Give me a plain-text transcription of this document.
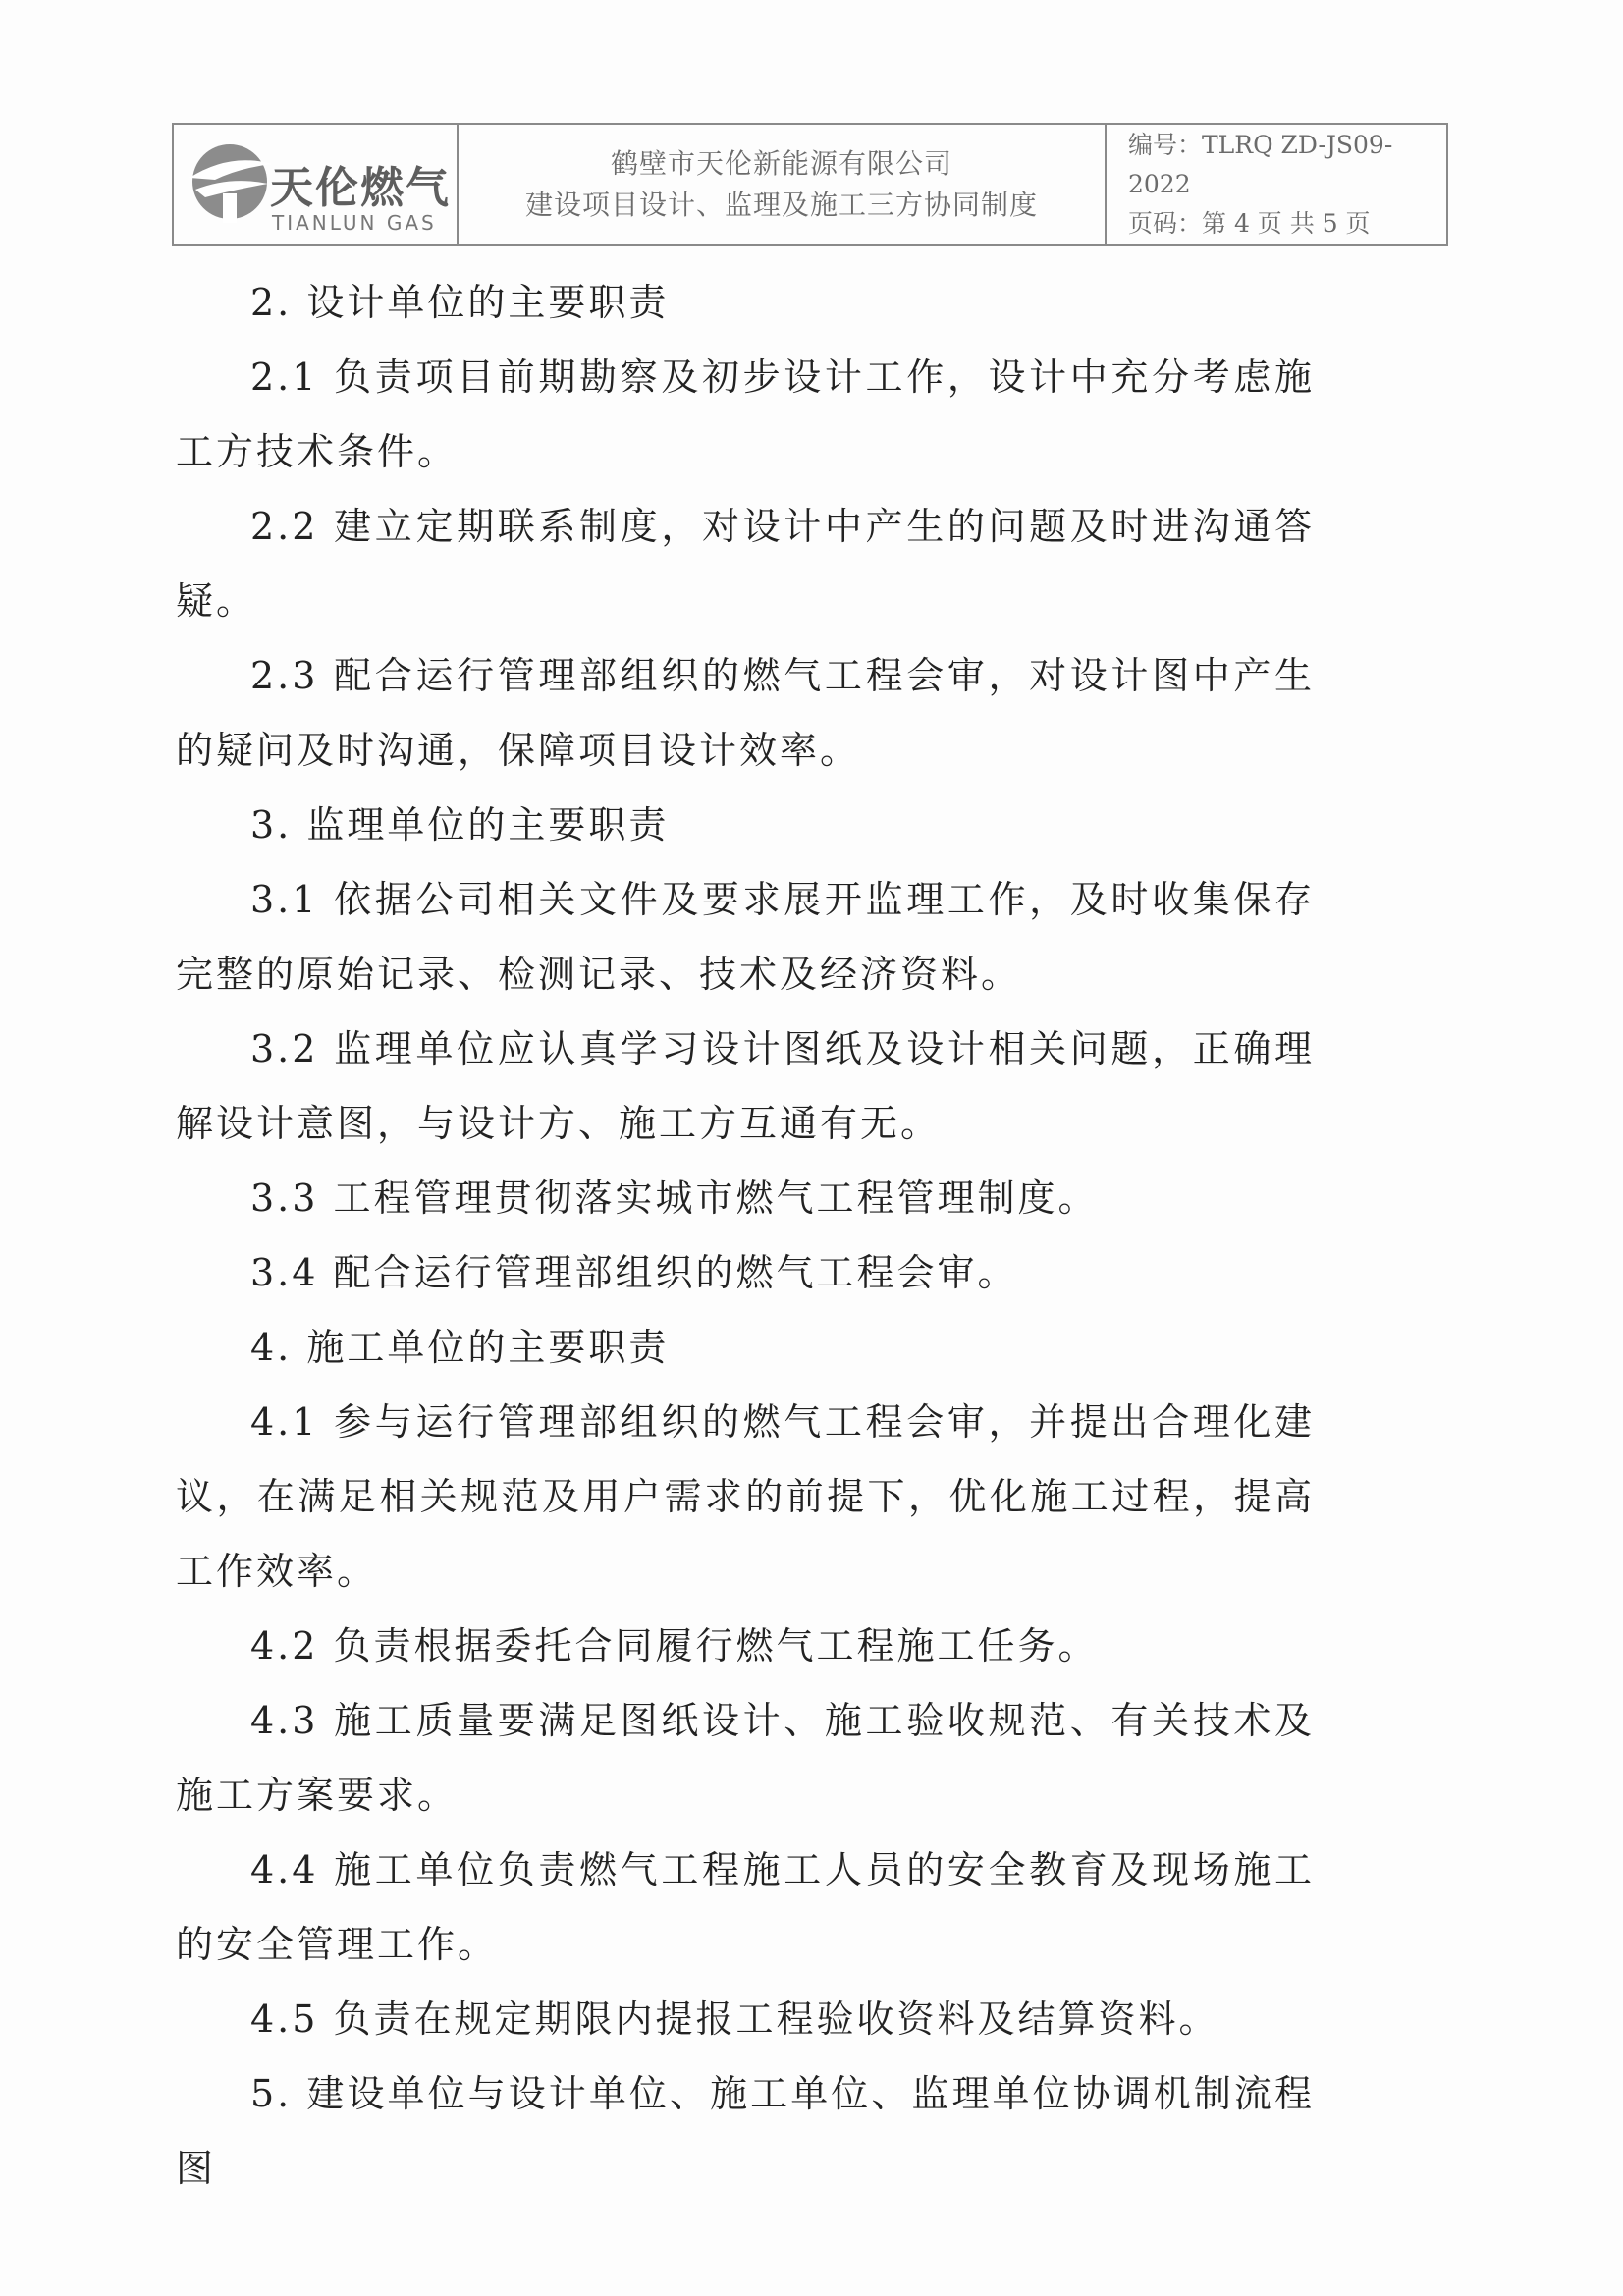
天伦燃气
TIANLUN GAS
鹤壁市天伦新能源有限公司
建设项目设计、监理及施工三方协同制度
编号：TLRQ ZD-JS09-2022
页码：第 4 页 共 5 页

2. 设计单位的主要职责

2.1 负责项目前期勘察及初步设计工作，设计中充分考虑施工方技术条件。

2.2 建立定期联系制度，对设计中产生的问题及时进沟通答疑。

2.3 配合运行管理部组织的燃气工程会审，对设计图中产生的疑问及时沟通，保障项目设计效率。

3. 监理单位的主要职责

3.1 依据公司相关文件及要求展开监理工作，及时收集保存完整的原始记录、检测记录、技术及经济资料。

3.2 监理单位应认真学习设计图纸及设计相关问题，正确理解设计意图，与设计方、施工方互通有无。

3.3 工程管理贯彻落实城市燃气工程管理制度。

3.4 配合运行管理部组织的燃气工程会审。

4. 施工单位的主要职责

4.1 参与运行管理部组织的燃气工程会审，并提出合理化建议，在满足相关规范及用户需求的前提下，优化施工过程，提高工作效率。

4.2 负责根据委托合同履行燃气工程施工任务。

4.3 施工质量要满足图纸设计、施工验收规范、有关技术及施工方案要求。

4.4 施工单位负责燃气工程施工人员的安全教育及现场施工的安全管理工作。

4.5 负责在规定期限内提报工程验收资料及结算资料。

5. 建设单位与设计单位、施工单位、监理单位协调机制流程图
